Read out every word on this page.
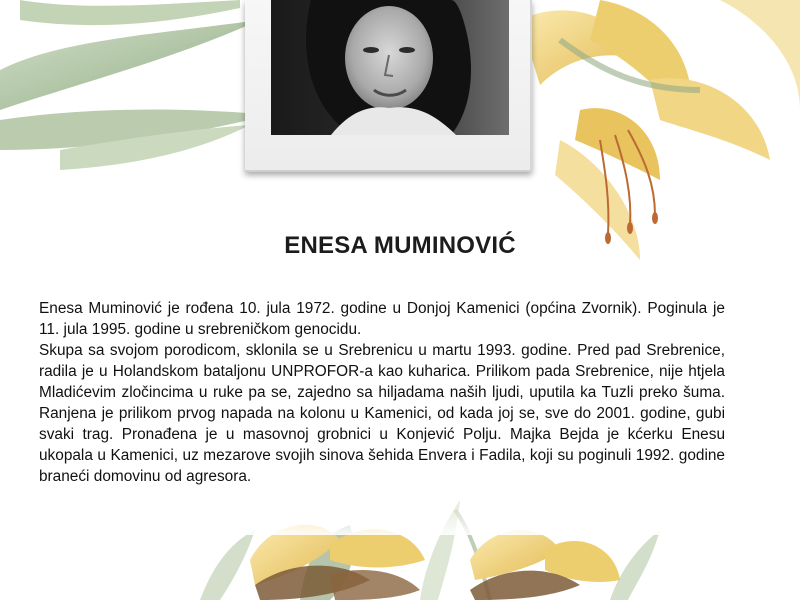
ENESA MUMINOVIĆ

Enesa Muminović je rođena 10. jula 1972. godine u Donjoj Kamenici (općina Zvornik). Poginula je 11. jula 1995. godine u srebreničkom genocidu.

Skupa sa svojom porodicom, sklonila se u Srebrenicu u martu 1993. godine. Pred pad Srebrenice, radila je u Holandskom bataljonu UNPROFOR-a kao kuharica. Prilikom pada Srebrenice, nije htjela Mladićevim zločincima u ruke pa se, zajedno sa hiljadama naših ljudi, uputila ka Tuzli preko šuma. Ranjena je prilikom prvog napada na kolonu u Kamenici, od kada joj se, sve do 2001. godine, gubi svaki trag. Pronađena je u masovnoj grobnici u Konjević Polju. Majka Bejda je kćerku Enesu ukopala u Kamenici, uz mezarove svojih sinova šehida Envera i Fadila, koji su poginuli 1992. godine braneći domovinu od agresora.
